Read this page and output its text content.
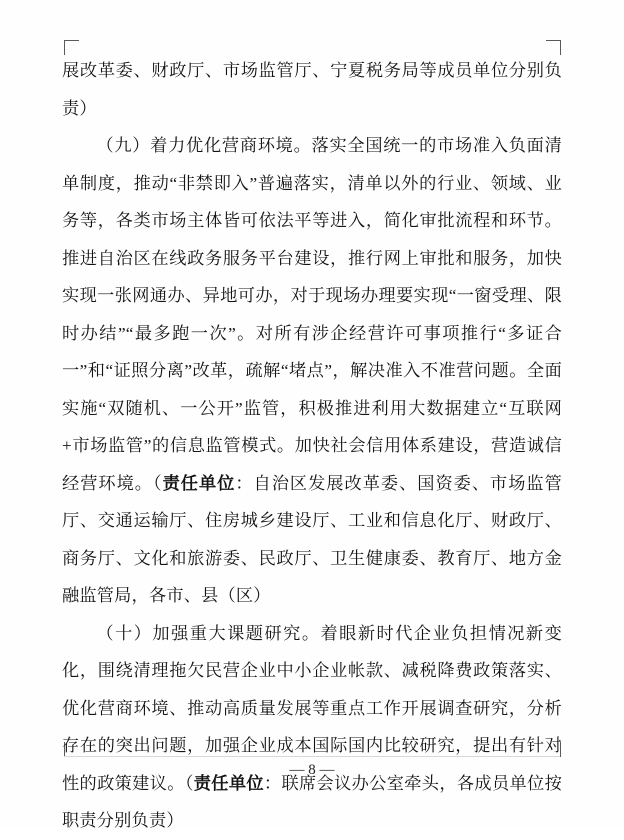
展改革委、财政厅、市场监管厅、宁夏税务局等成员单位分别负责）

（九）着力优化营商环境。落实全国统一的市场准入负面清单制度，推动“非禁即入”普遍落实，清单以外的行业、领域、业务等，各类市场主体皆可依法平等进入，简化审批流程和环节。推进自治区在线政务服务平台建设，推行网上审批和服务，加快实现一张网通办、异地可办，对于现场办理要实现“一窗受理、限时办结”“最多跑一次”。对所有涉企经营许可事项推行“多证合一”和“证照分离”改革，疏解“堵点”，解决准入不准营问题。全面实施“双随机、一公开”监管，积极推进利用大数据建立“互联网+市场监管”的信息监管模式。加快社会信用体系建设，营造诚信经营环境。（责任单位：自治区发展改革委、国资委、市场监管厅、交通运输厅、住房城乡建设厅、工业和信息化厅、财政厅、商务厅、文化和旅游委、民政厅、卫生健康委、教育厅、地方金融监管局，各市、县（区）

（十）加强重大课题研究。着眼新时代企业负担情况新变化，围绕清理拖欠民营企业中小企业帐款、减税降费政策落实、优化营商环境、推动高质量发展等重点工作开展调查研究，分析存在的突出问题，加强企业成本国际国内比较研究，提出有针对性的政策建议。（责任单位：联席会议办公室牵头，各成员单位按职责分别负责）

— 8 —
